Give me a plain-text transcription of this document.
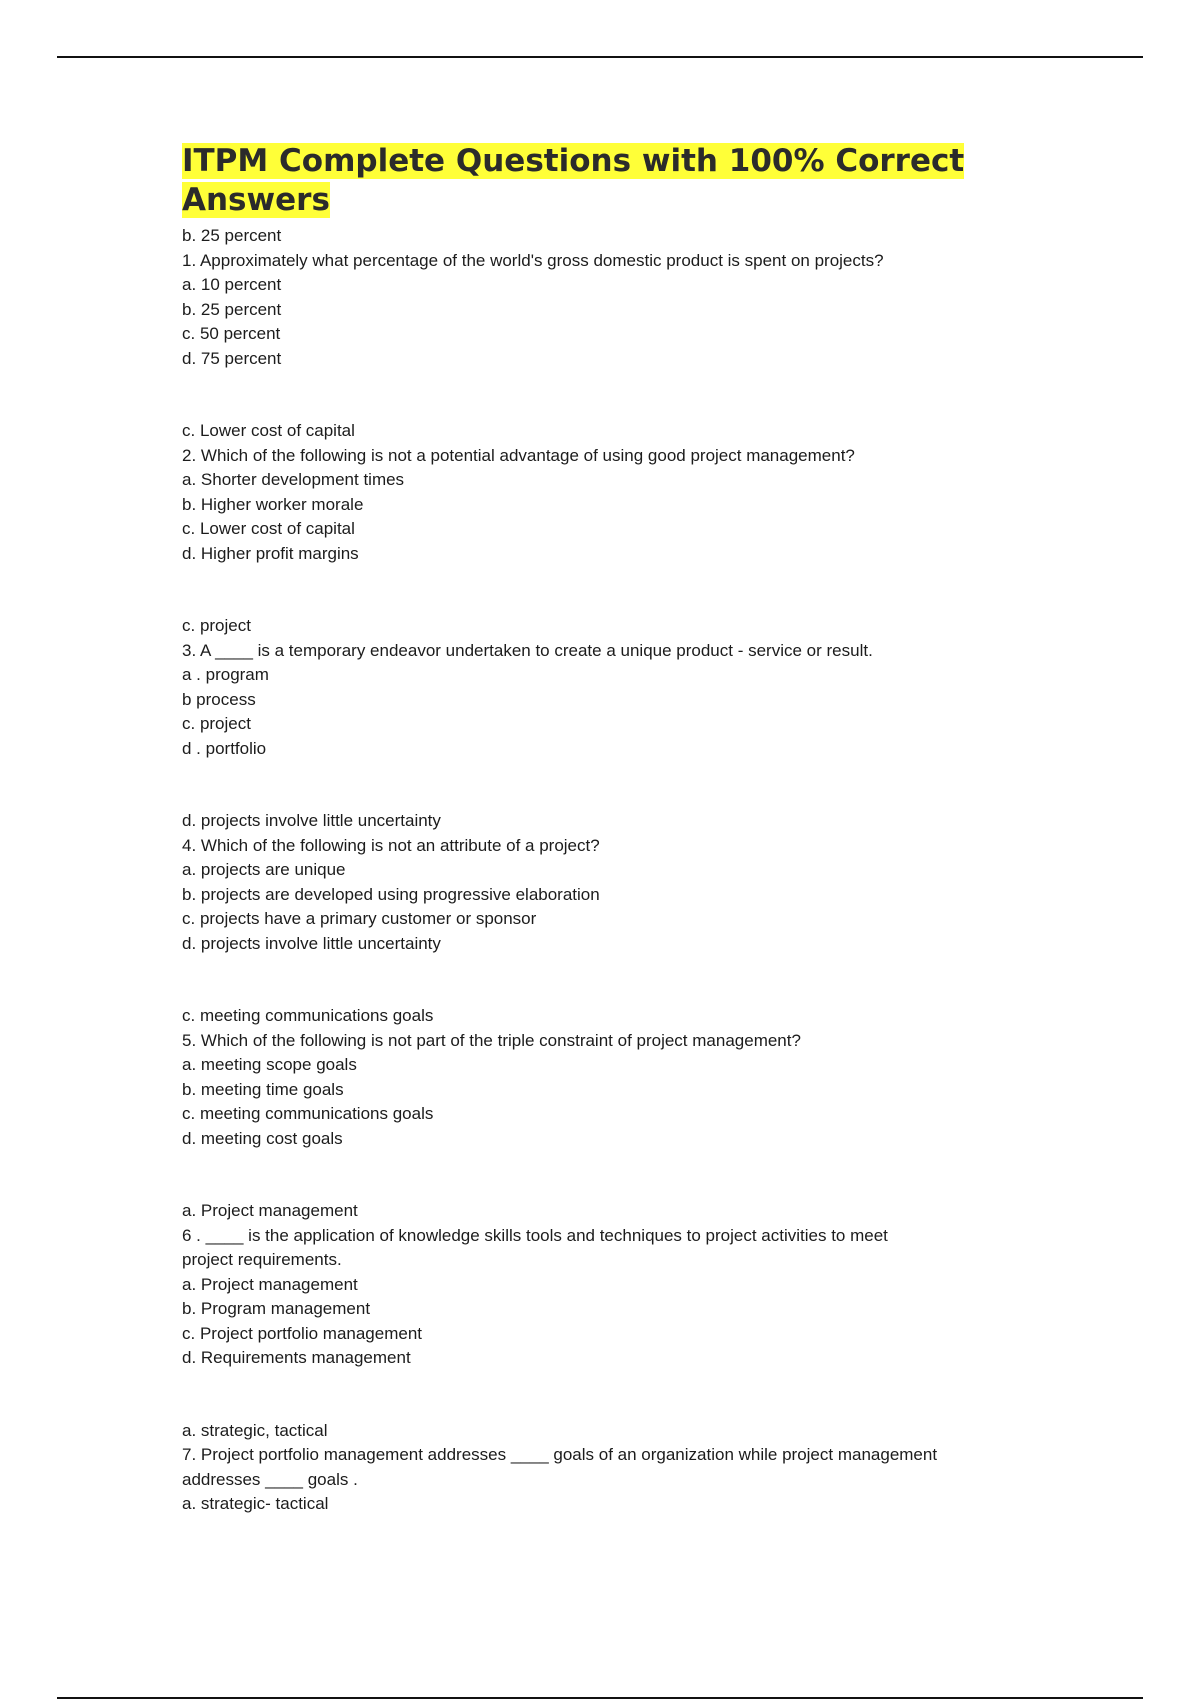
ITPM Complete Questions with 100% Correct Answers
b. 25 percent
1. Approximately what percentage of the world's gross domestic product is spent on projects?
a. 10 percent
b. 25 percent
c. 50 percent
d. 75 percent
c. Lower cost of capital
2. Which of the following is not a potential advantage of using good project management?
a. Shorter development times
b. Higher worker morale
c. Lower cost of capital
d. Higher profit margins
c. project
3. A ____ is a temporary endeavor undertaken to create a unique product - service or result.
a . program
b process
c. project
d . portfolio
d. projects involve little uncertainty
4. Which of the following is not an attribute of a project?
a. projects are unique
b. projects are developed using progressive elaboration
c. projects have a primary customer or sponsor
d. projects involve little uncertainty
c. meeting communications goals
5. Which of the following is not part of the triple constraint of project management?
a. meeting scope goals
b. meeting time goals
c. meeting communications goals
d. meeting cost goals
a. Project management
6 . ____ is the application of knowledge skills tools and techniques to project activities to meet project requirements.
a. Project management
b. Program management
c. Project portfolio management
d. Requirements management
a. strategic, tactical
7. Project portfolio management addresses ____ goals of an organization while project management addresses ____ goals .
a. strategic- tactical
